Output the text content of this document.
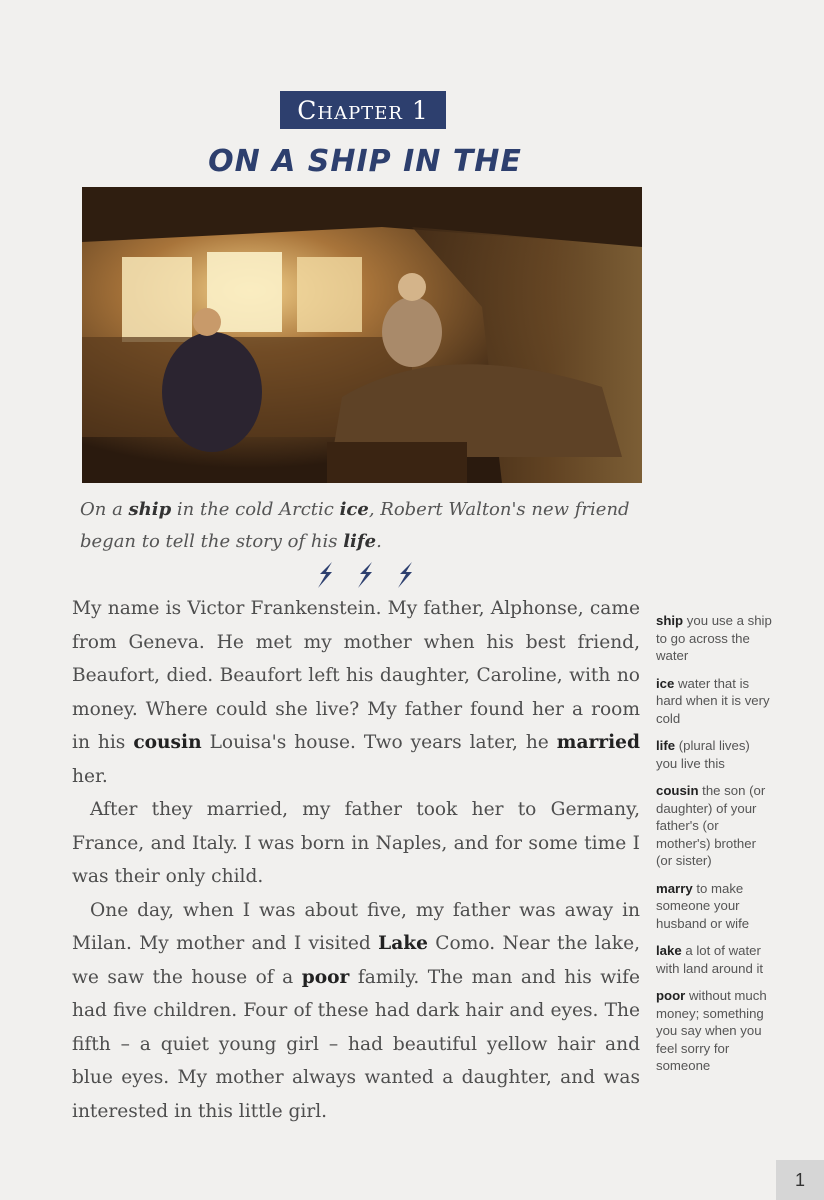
Chapter 1
ON A SHIP IN THE
On a ship in the cold Arctic ice, Robert Walton's new friend began to tell the story of his life.

My name is Victor Frankenstein. My father, Alphonse, came from Geneva. He met my mother when his best friend, Beaufort, died. Beaufort left his daughter, Caroline, with no money. Where could she live? My father found her a room in his cousin Louisa's house. Two years later, he married her.

After they married, my father took her to Germany, France, and Italy. I was born in Naples, and for some time I was their only child.

One day, when I was about five, my father was away in Milan. My mother and I visited Lake Como. Near the lake, we saw the house of a poor family. The man and his wife had five children. Four of these had dark hair and eyes. The fifth – a quiet young girl – had beautiful yellow hair and blue eyes. My mother always wanted a daughter, and was interested in this little girl.

ship you use a ship to go across the water
ice water that is hard when it is very cold
life (plural lives) you live this
cousin the son (or daughter) of your father's (or mother's) brother (or sister)
marry to make someone your husband or wife
lake a lot of water with land around it
poor without much money; something you say when you feel sorry for someone
1
